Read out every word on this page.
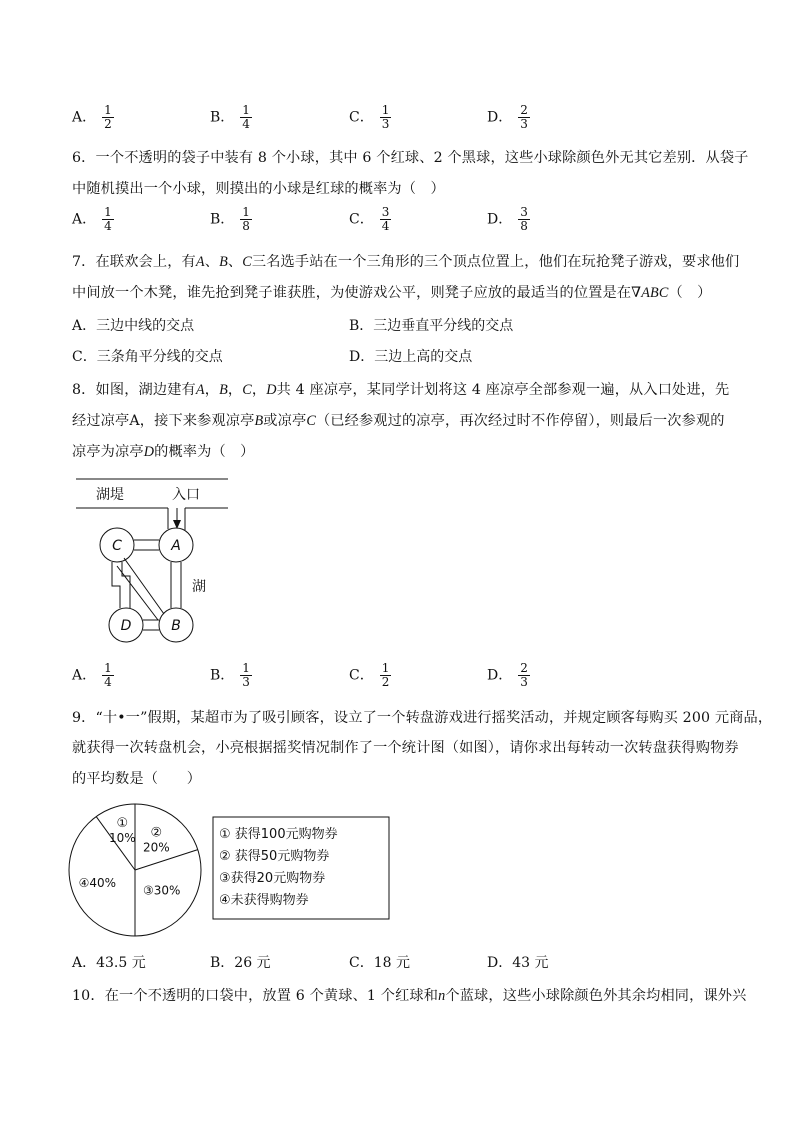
A． $\frac{1}{2}$	B． $\frac{1}{4}$	C． $\frac{1}{3}$	D． $\frac{2}{3}$
6．一个不透明的袋子中装有 8 个小球，其中 6 个红球、2 个黑球，这些小球除颜色外无其它差别．从袋子
中随机摸出一个小球，则摸出的小球是红球的概率为（　）
A． $\frac{1}{4}$	B． $\frac{1}{8}$	C． $\frac{3}{4}$	D． $\frac{3}{8}$
7．在联欢会上，有A、B、C三名选手站在一个三角形的三个顶点位置上，他们在玩抢凳子游戏，要求他们
中间放一个木凳，谁先抢到凳子谁获胜，为使游戏公平，则凳子应放的最适当的位置是在∇ABC（　）
A．三边中线的交点	B．三边垂直平分线的交点
C．三条角平分线的交点	D．三边上高的交点
8．如图，湖边建有A，B，C，D共 4 座凉亭，某同学计划将这 4 座凉亭全部参观一遍，从入口处进，先
经过凉亭A，接下来参观凉亭B或凉亭C（已经参观过的凉亭，再次经过时不作停留），则最后一次参观的
凉亭为凉亭D的概率为（　）
湖堤	入口
C	A
D	B
湖
A． $\frac{1}{4}$	B． $\frac{1}{3}$	C． $\frac{1}{2}$	D． $\frac{2}{3}$
9．“十•一”假期，某超市为了吸引顾客，设立了一个转盘游戏进行摇奖活动，并规定顾客每购买 200 元商品，
就获得一次转盘机会，小亮根据摇奖情况制作了一个统计图（如图），请你求出每转动一次转盘获得购物券
的平均数是（　　）
①
10% ②
20%
③30%
④40%
① 获得100元购物券
② 获得50元购物券
③获得20元购物券
④未获得购物券
A．43.5 元	B．26 元	C．18 元	D．43 元
10．在一个不透明的口袋中，放置 6 个黄球、1 个红球和n个蓝球，这些小球除颜色外其余均相同，课外兴
